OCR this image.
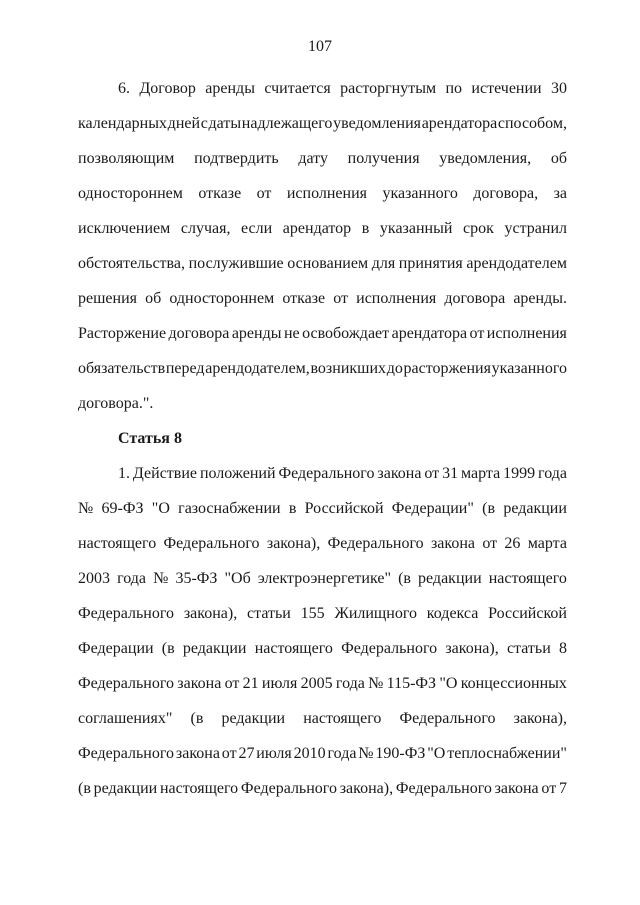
107
6. Договор аренды считается расторгнутым по истечении 30
календарных дней с даты надлежащего уведомления арендатора способом,
позволяющим подтвердить дату получения уведомления, об
одностороннем отказе от исполнения указанного договора, за
исключением случая, если арендатор в указанный срок устранил
обстоятельства, послужившие основанием для принятия арендодателем
решения об одностороннем отказе от исполнения договора аренды.
Расторжение договора аренды не освобождает арендатора от исполнения
обязательств перед арендодателем, возникших до расторжения указанного
договора.".
Статья 8
1. Действие положений Федерального закона от 31 марта 1999 года
№ 69-ФЗ "О газоснабжении в Российской Федерации" (в редакции
настоящего Федерального закона), Федерального закона от 26 марта
2003 года № 35-ФЗ "Об электроэнергетике" (в редакции настоящего
Федерального закона), статьи 155 Жилищного кодекса Российской
Федерации (в редакции настоящего Федерального закона), статьи 8
Федерального закона от 21 июля 2005 года № 115-ФЗ "О концессионных
соглашениях" (в редакции настоящего Федерального закона),
Федерального закона от 27 июля 2010 года № 190-ФЗ "О теплоснабжении"
(в редакции настоящего Федерального закона), Федерального закона от 7
